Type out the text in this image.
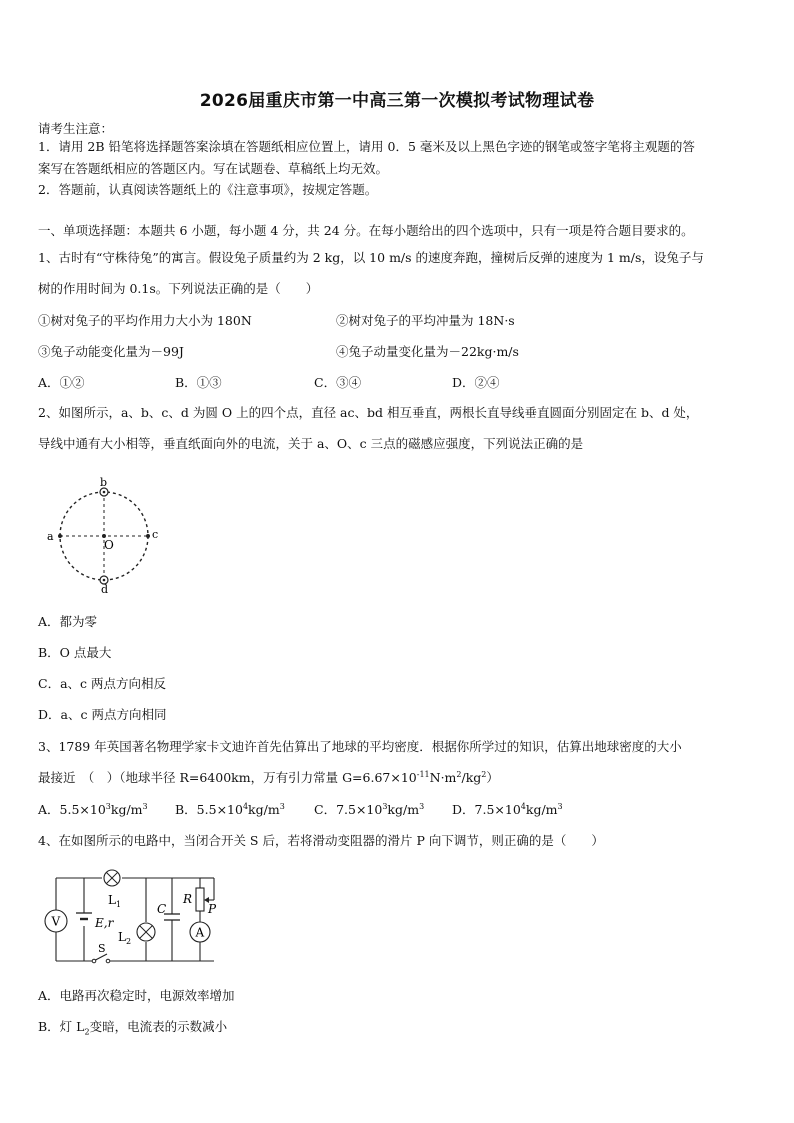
2026届重庆市第一中高三第一次模拟考试物理试卷
请考生注意：
1．请用 2B 铅笔将选择题答案涂填在答题纸相应位置上，请用 0．5 毫米及以上黑色字迹的钢笔或签字笔将主观题的答
案写在答题纸相应的答题区内。写在试题卷、草稿纸上均无效。
2．答题前，认真阅读答题纸上的《注意事项》，按规定答题。
一、单项选择题：本题共 6 小题，每小题 4 分，共 24 分。在每小题给出的四个选项中，只有一项是符合题目要求的。
1、古时有“守株待兔”的寓言。假设兔子质量约为 2 kg，以 10 m/s 的速度奔跑，撞树后反弹的速度为 1 m/s，设兔子与
树的作用时间为 0.1s。下列说法正确的是（　　）
①树对兔子的平均作用力大小为 180N	②树对兔子的平均冲量为 18N·s
③兔子动能变化量为－99J	④兔子动量变化量为－22kg·m/s
A．①②	B．①③	C．③④	D．②④
2、如图所示，a、b、c、d 为圆 O 上的四个点，直径 ac、bd 相互垂直，两根长直导线垂直圆面分别固定在 b、d 处，
导线中通有大小相等，垂直纸面向外的电流，关于 a、O、c 三点的磁感应强度，下列说法正确的是
a
b
c
d
O
A．都为零
B．O 点最大
C．a、c 两点方向相反
D．a、c 两点方向相同
3、1789 年英国著名物理学家卡文迪许首先估算出了地球的平均密度．根据你所学过的知识，估算出地球密度的大小
最接近　（　）（地球半径 R=6400km，万有引力常量 $G=6.67\times 10^{-11}N\cdot m^2/kg^2$）
A．$5.5\times 10^3kg/m^3$ B．$5.5\times 10^4kg/m^3$ C．$7.5\times 10^3kg/m^3$ D．$7.5\times 10^4kg/m^3$
4、在如图所示的电路中，当闭合开关 S 后，若将滑动变阻器的滑片 P 向下调节，则正确的是（　　）
V	E,r
$L_1$
$L_2$
C
R
P
A
S
A．电路再次稳定时，电源效率增加
B．灯 $L_2$变暗，电流表的示数减小
